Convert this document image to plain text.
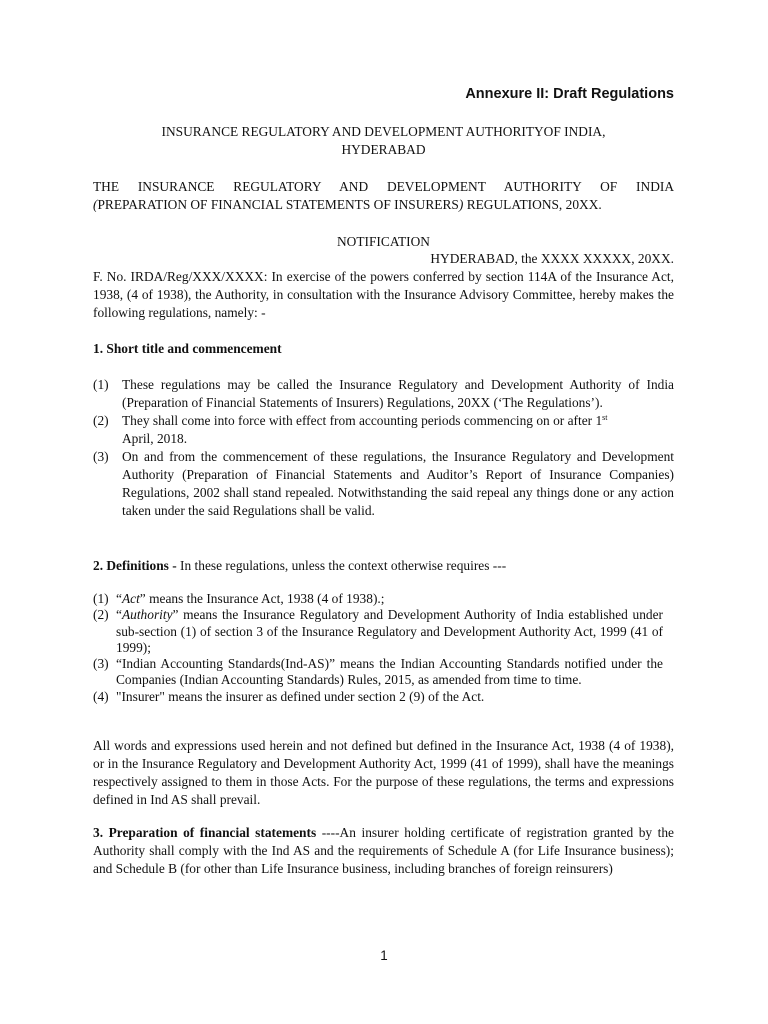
Annexure II: Draft Regulations
INSURANCE REGULATORY AND DEVELOPMENT AUTHORITYOF INDIA,
HYDERABAD
THE INSURANCE REGULATORY AND DEVELOPMENT AUTHORITY OF INDIA
(PREPARATION OF FINANCIAL STATEMENTS OF INSURERS) REGULATIONS, 20XX.
NOTIFICATION
HYDERABAD, the XXXX XXXXX, 20XX.
F. No. IRDA/Reg/XXX/XXXX: In exercise of the powers conferred by section 114A of the Insurance Act, 1938, (4 of 1938), the Authority, in consultation with the Insurance Advisory Committee, hereby makes the following regulations, namely: -
1. Short title and commencement
(1) These regulations may be called the Insurance Regulatory and Development Authority of India (Preparation of Financial Statements of Insurers) Regulations, 20XX (‘The Regulations’).
(2) They shall come into force with effect from accounting periods commencing on or after 1st
April, 2018.
(3) On and from the commencement of these regulations, the Insurance Regulatory and Development Authority (Preparation of Financial Statements and Auditor’s Report of Insurance Companies) Regulations, 2002 shall stand repealed. Notwithstanding the said repeal any things done or any action taken under the said Regulations shall be valid.
2. Definitions - In these regulations, unless the context otherwise requires ---
(1) “Act” means the Insurance Act, 1938 (4 of 1938).;
(2) “Authority” means the Insurance Regulatory and Development Authority of India established under sub-section (1) of section 3 of the Insurance Regulatory and Development Authority Act, 1999 (41 of 1999);
(3) “Indian Accounting Standards(Ind-AS)” means the Indian Accounting Standards notified under the Companies (Indian Accounting Standards) Rules, 2015, as amended from time to time.
(4) "Insurer" means the insurer as defined under section 2 (9) of the Act.
All words and expressions used herein and not defined but defined in the Insurance Act, 1938 (4 of 1938), or in the Insurance Regulatory and Development Authority Act, 1999 (41 of 1999), shall have the meanings respectively assigned to them in those Acts. For the purpose of these regulations, the terms and expressions defined in Ind AS shall prevail.
3. Preparation of financial statements ----An insurer holding certificate of registration granted by the Authority shall comply with the Ind AS and the requirements of Schedule A (for Life Insurance business); and Schedule B (for other than Life Insurance business, including branches of foreign reinsurers)
1
